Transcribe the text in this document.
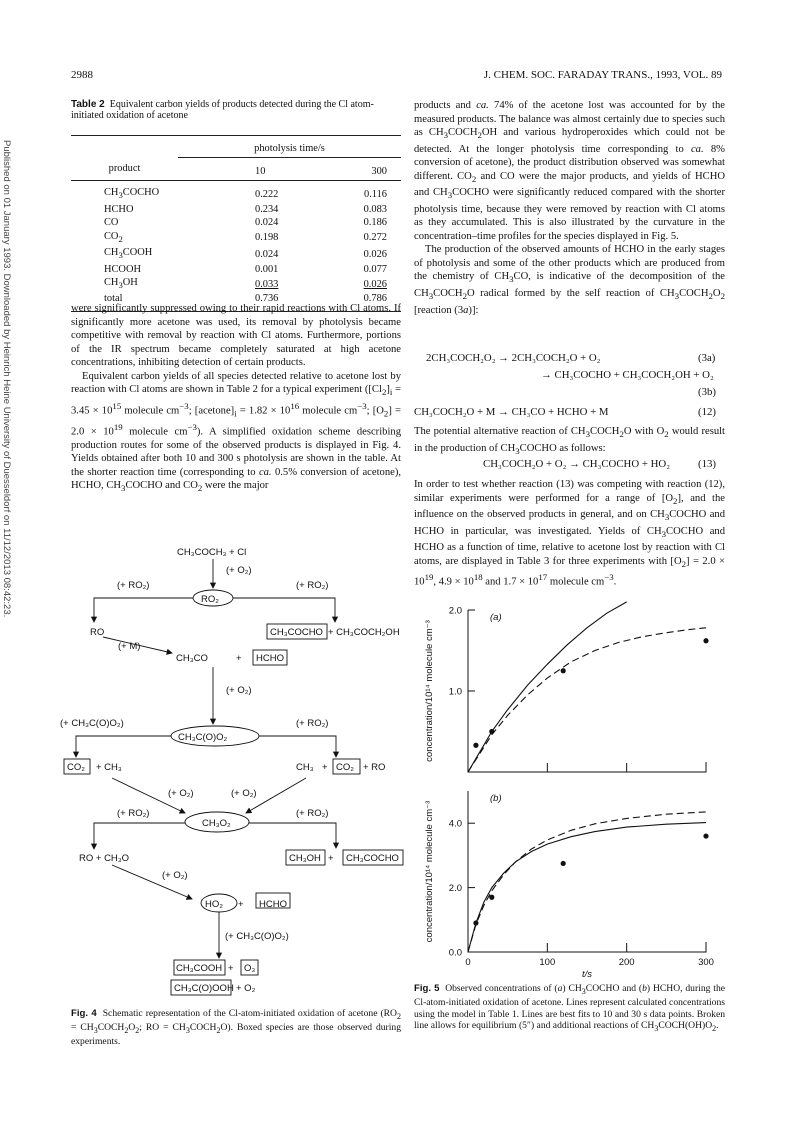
2988	J. CHEM. SOC. FARADAY TRANS., 1993, VOL. 89
Published on 01 January 1993. Downloaded by Heinrich Heine University of Duesseldorf on 11/12/2013 08:42:23.
Table 2 Equivalent carbon yields of products detected during the Cl atom-initiated oxidation of acetone
	photolysis time/s	
product	10	300
$CH_3COCHO$	0.222	0.116
HCHO	0.234	0.083
CO	0.024	0.186
$CO_2$	0.198	0.272
$CH_3COOH$	0.024	0.026
HCOOH	0.001	0.077
$CH_3OH$	0.033	0.026
total	0.736	0.786

were significantly suppressed owing to their rapid reactions with Cl atoms. If significantly more acetone was used, its removal by photolysis became competitive with removal by reaction with Cl atoms. Furthermore, portions of the IR spectrum became completely saturated at high acetone concentrations, inhibiting detection of certain products.

Equivalent carbon yields of all species detected relative to acetone lost by reaction with Cl atoms are shown in Table 2 for a typical experiment ($[Cl_2]_i = 3.45 \times 10^{15}$ molecule $cm^{-3}$; $[acetone]_i = 1.82 \times 10^{16}$ molecule $cm^{-3}$; $[O_2] = 2.0 \times 10^{19}$ molecule $cm^{-3}$). A simplified oxidation scheme describing production routes for some of the observed products is displayed in Fig. 4. Yields obtained after both 10 and 300 s photolysis are shown in the table. At the shorter reaction time (corresponding to ca. 0.5% conversion of acetone), HCHO, $CH_3COCHO$ and $CO_2$ were the major

CH₃COCH₃ + Cl
(+ O₂)
(+ RO₂)	(+ RO₂)
RO₂
RO
(+ M)
CH₃COCHO + CH₃COCH₂OH
CH₃CO	+ HCHO
(+ O₂)
(+ CH₃C(O)O₂)	(+ RO₂)
CH₃C(O)O₂
CO₂ + CH₃	CH₃ + CO₂ + RO
(+ O₂)	(+ O₂)
(+ RO₂)	(+ RO₂)
CH₃O₂
RO + CH₃O	CH₃OH + CH₃COCHO
(+ O₂)
HO₂ + HCHO
(+ CH₃C(O)O₂)
CH₃COOH + O₃
CH₃C(O)OOH + O₂
Fig. 4 Schematic representation of the Cl-atom-initiated oxidation of acetone ($RO_2$ = $CH_3COCH_2O_2$; RO = $CH_3COCH_2O$). Boxed species are those observed during experiments.

products and ca. 74% of the acetone lost was accounted for by the measured products. The balance was almost certainly due to species such as $CH_3COCH_2OH$ and various hydroperoxides which could not be detected. At the longer photolysis time corresponding to ca. 8% conversion of acetone), the product distribution observed was somewhat different. $CO_2$ and CO were the major products, and yields of HCHO and $CH_3COCHO$ were significantly reduced compared with the shorter photolysis time, because they were removed by reaction with Cl atoms as they accumulated. This is also illustrated by the curvature in the concentration–time profiles for the species displayed in Fig. 5.

The production of the observed amounts of HCHO in the early stages of photolysis and some of the other products which are produced from the chemistry of $CH_3CO$, is indicative of the decomposition of the $CH_3COCH_2O$ radical formed by the self reaction of $CH_3COCH_2O_2$ [reaction (3a)]:

2CH₃COCH₂O₂ → 2CH₃COCH₂O + O₂	(3a)
→ CH₃COCHO + CH₃COCH₂OH + O₂
(3b)
CH₃COCH₂O + M → CH₃CO + HCHO + M	(12)
The potential alternative reaction of $CH_3COCH_2O$ with $O_2$ would result in the production of $CH_3COCHO$ as follows:
CH₃COCH₂O + O₂ → CH₃COCHO + HO₂	(13)
In order to test whether reaction (13) was competing with reaction (12), similar experiments were performed for a range of $[O_2]$, and the influence on the observed products in general, and on $CH_3COCHO$ and HCHO in particular, was investigated. Yields of $CH_3COCHO$ and HCHO as a function of time, relative to acetone lost by reaction with Cl atoms, are displayed in Table 3 for three experiments with $[O_2] = 2.0 \times 10^{19}$, $4.9 \times 10^{18}$ and $1.7 \times 10^{17}$ molecule $cm^{-3}$.
1.0
2.0
(a)
concentration/10¹⁴ molecule cm⁻³
0.0
2.0
4.0
0	100	200	300
(b)
concentration/10¹⁴ molecule cm⁻³
t/s
Fig. 5 Observed concentrations of (a) $CH_3COCHO$ and (b) HCHO, during the Cl-atom-initiated oxidation of acetone. Lines represent calculated concentrations using the model in Table 1. Lines are best fits to 10 and 30 s data points. Broken line allows for equilibrium (5″) and additional reactions of $CH_3COCH(OH)O_2$.
